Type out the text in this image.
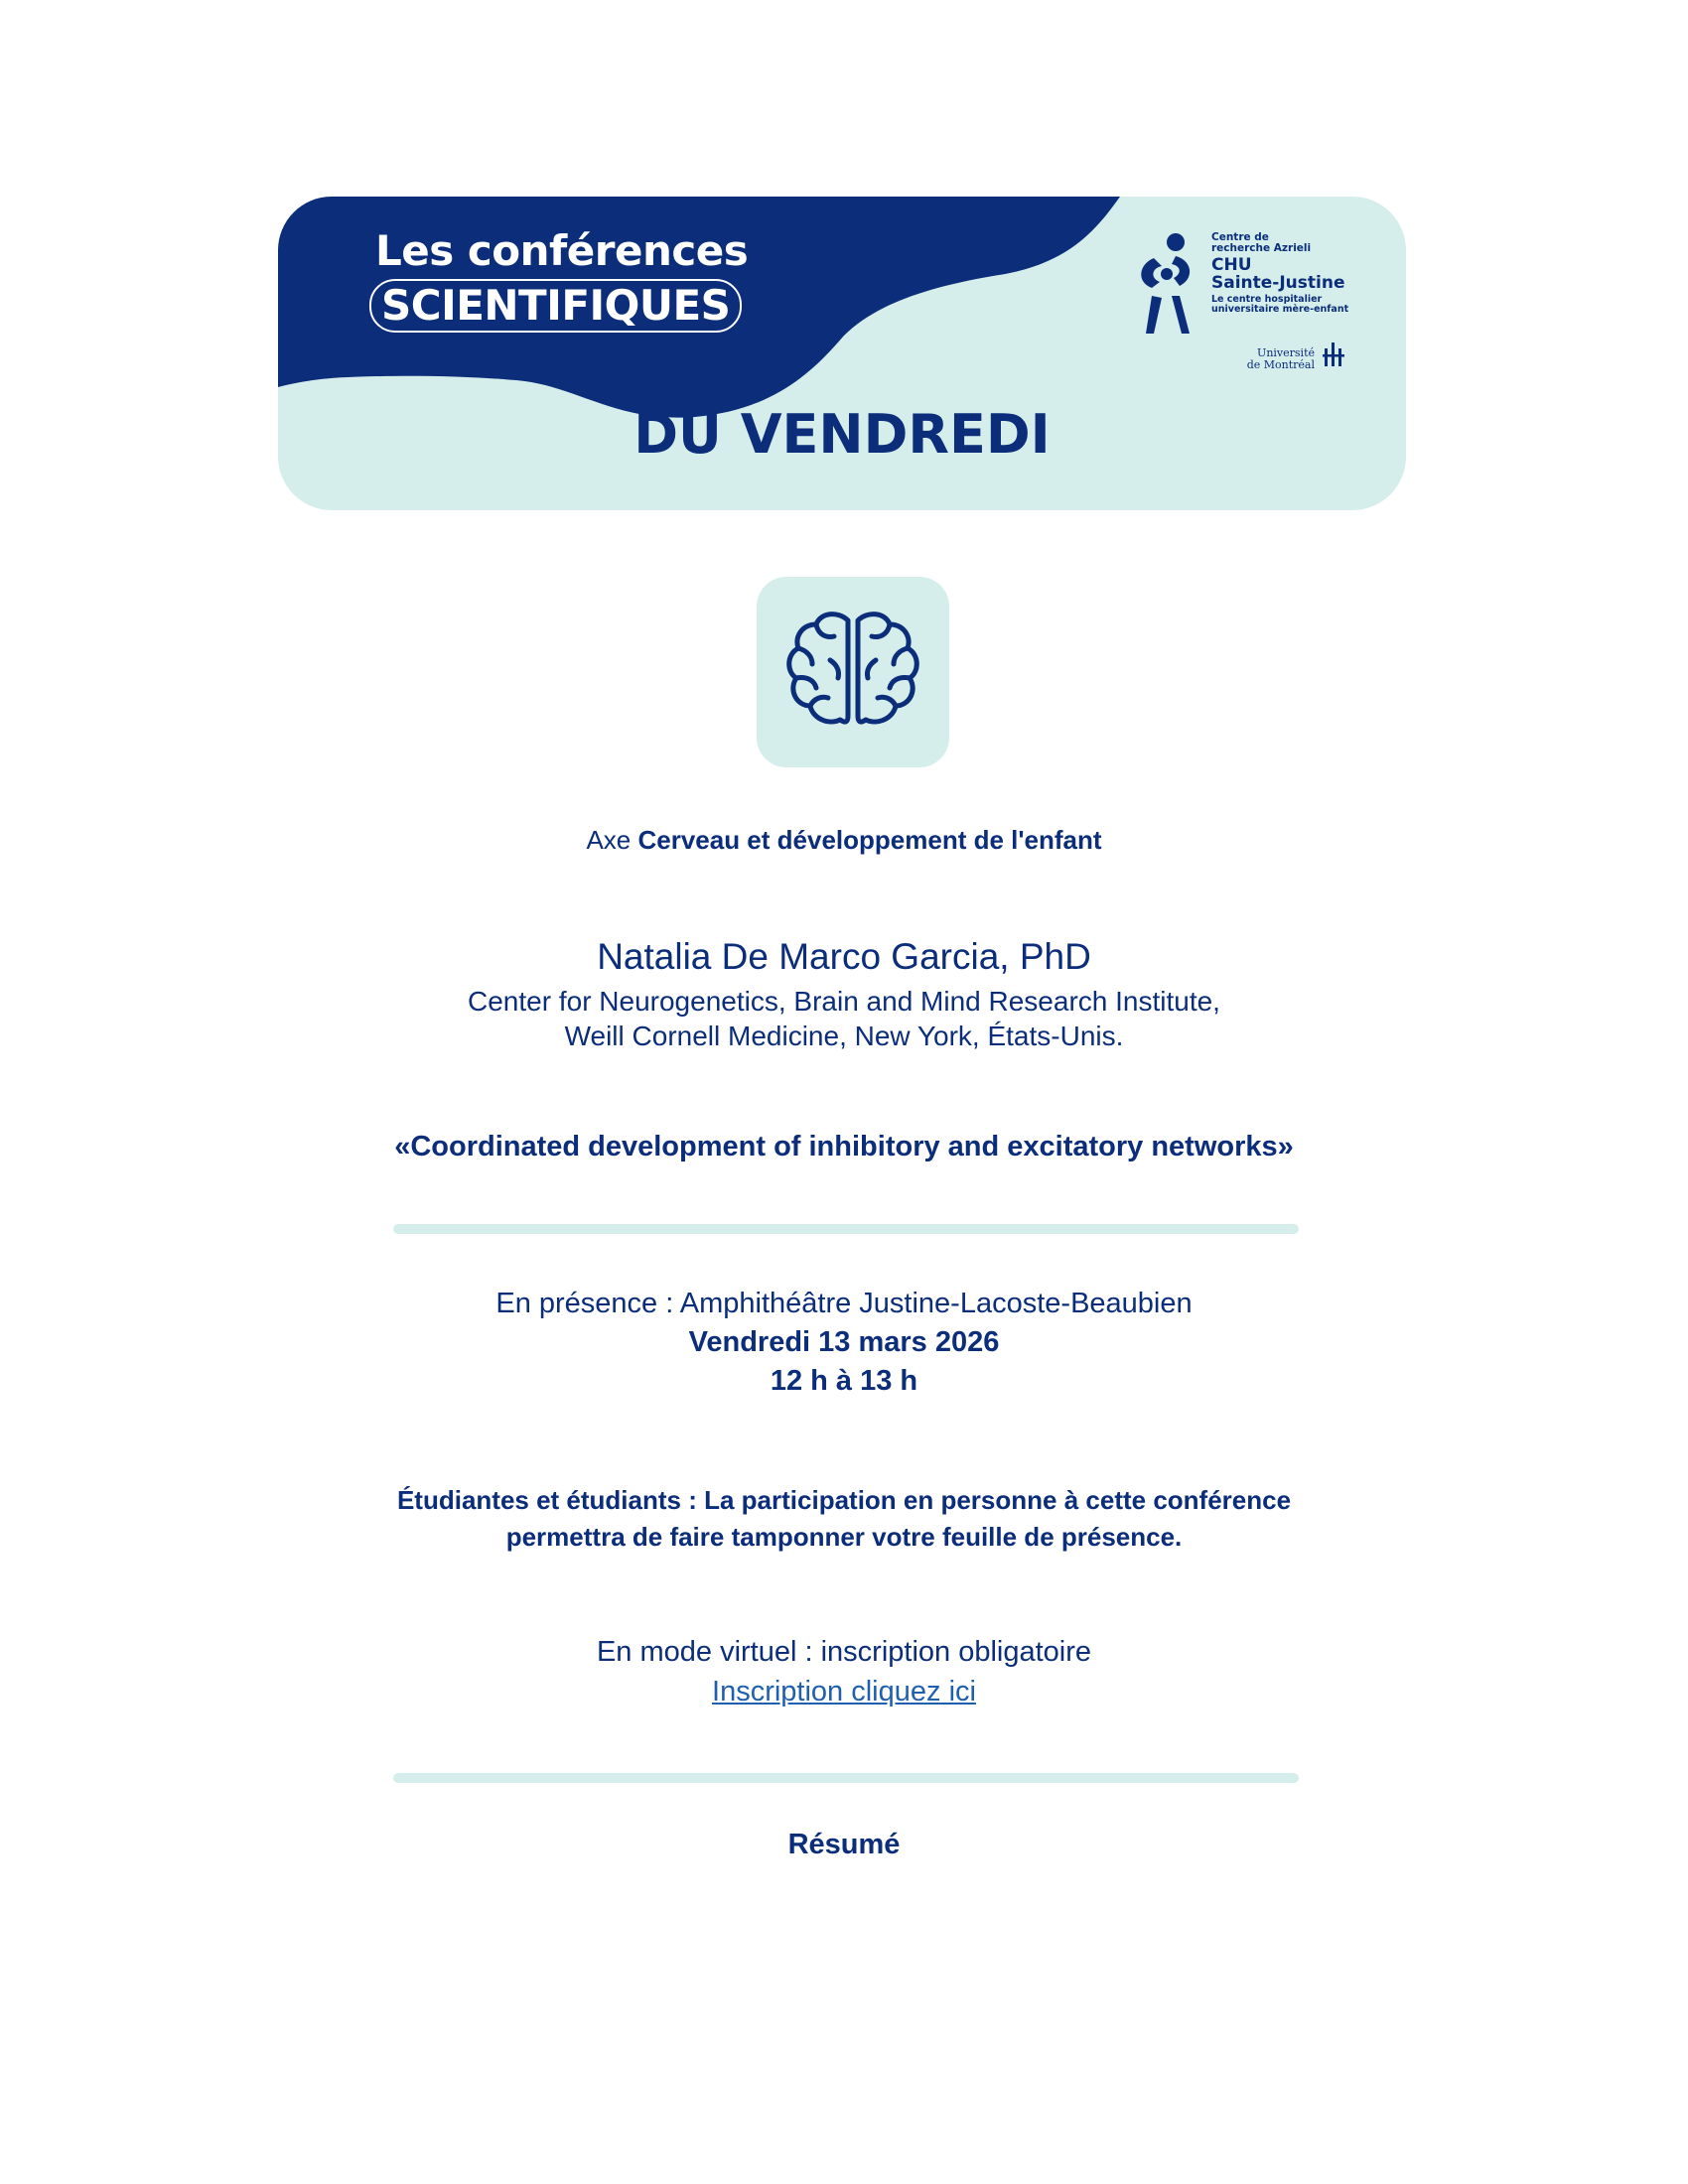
Les conférences
SCIENTIFIQUES
DU VENDREDI
Centre de
recherche Azrieli
CHU
Sainte-Justine
Le centre hospitalier
universitaire mère-enfant
Université
de Montréal
Axe Cerveau et développement de l'enfant
Natalia De Marco Garcia, PhD
Center for Neurogenetics, Brain and Mind Research Institute,
Weill Cornell Medicine, New York, États-Unis.
«Coordinated development of inhibitory and excitatory networks»
En présence : Amphithéâtre Justine-Lacoste-Beaubien
Vendredi 13 mars 2026
12 h à 13 h
Étudiantes et étudiants : La participation en personne à cette conférence
permettra de faire tamponner votre feuille de présence.
En mode virtuel : inscription obligatoire
Inscription cliquez ici
Résumé
